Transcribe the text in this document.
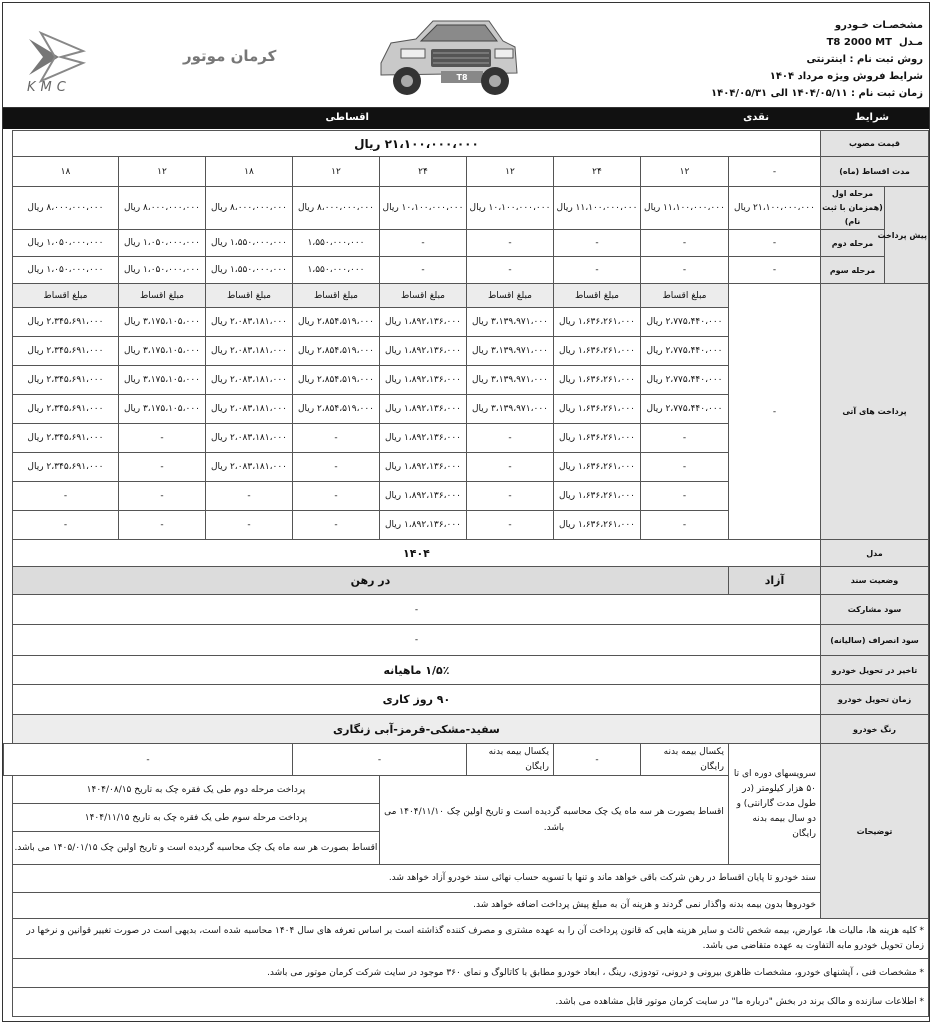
KMC
کرمان موتور
T8
مشخصـات خـودرو
مـدل  T8 2000 MT
روش ثبت نام : اینترنتی
شرایط فروش ویژه مرداد ۱۴۰۴
زمان ثبت نام : ۱۴۰۴/۰۵/۱۱ الی ۱۴۰۴/۰۵/۳۱
شرایط
نقدی
اقساطی
قیمت مصوب		۲۱،۱۰۰،۰۰۰،۰۰۰ ریال								
مدت اقساط (ماه)		-	۱۲	۲۴	۱۲	۲۴	۱۲	۱۸	۱۲	۱۸
پیش پرداخت	مرحله اول
(همزمان با ثبت نام)	۲۱،۱۰۰،۰۰۰،۰۰۰ ریال	۱۱،۱۰۰،۰۰۰،۰۰۰ ریال	۱۱،۱۰۰،۰۰۰،۰۰۰ ریال	۱۰،۱۰۰،۰۰۰،۰۰۰ ریال	۱۰،۱۰۰،۰۰۰،۰۰۰ ریال	۸،۰۰۰،۰۰۰،۰۰۰ ریال	۸،۰۰۰،۰۰۰،۰۰۰ ریال	۸،۰۰۰،۰۰۰،۰۰۰ ریال	۸،۰۰۰،۰۰۰،۰۰۰ ریال
	مرحله دوم	-	-	-	-	-	۱،۵۵۰،۰۰۰،۰۰۰	۱،۵۵۰،۰۰۰،۰۰۰ ریال	۱،۰۵۰،۰۰۰،۰۰۰ ریال	۱،۰۵۰،۰۰۰،۰۰۰ ریال
	مرحله سوم	-	-	-	-	-	۱،۵۵۰،۰۰۰،۰۰۰	۱،۵۵۰،۰۰۰،۰۰۰ ریال	۱،۰۵۰،۰۰۰،۰۰۰ ریال	۱،۰۵۰،۰۰۰،۰۰۰ ریال
پرداخت های آتی		-	مبلغ اقساط	مبلغ اقساط	مبلغ اقساط	مبلغ اقساط	مبلغ اقساط	مبلغ اقساط	مبلغ اقساط	مبلغ اقساط
			۲،۷۷۵،۴۴۰،۰۰۰ ریال	۱،۶۳۶،۲۶۱،۰۰۰ ریال	۳،۱۳۹،۹۷۱،۰۰۰ ریال	۱،۸۹۲،۱۳۶،۰۰۰ ریال	۲،۸۵۴،۵۱۹،۰۰۰ ریال	۲،۰۸۳،۱۸۱،۰۰۰ ریال	۳،۱۷۵،۱۰۵،۰۰۰ ریال	۲،۳۴۵،۶۹۱،۰۰۰ ریال
			۲،۷۷۵،۴۴۰،۰۰۰ ریال	۱،۶۳۶،۲۶۱،۰۰۰ ریال	۳،۱۳۹،۹۷۱،۰۰۰ ریال	۱،۸۹۲،۱۳۶،۰۰۰ ریال	۲،۸۵۴،۵۱۹،۰۰۰ ریال	۲،۰۸۳،۱۸۱،۰۰۰ ریال	۳،۱۷۵،۱۰۵،۰۰۰ ریال	۲،۳۴۵،۶۹۱،۰۰۰ ریال
			۲،۷۷۵،۴۴۰،۰۰۰ ریال	۱،۶۳۶،۲۶۱،۰۰۰ ریال	۳،۱۳۹،۹۷۱،۰۰۰ ریال	۱،۸۹۲،۱۳۶،۰۰۰ ریال	۲،۸۵۴،۵۱۹،۰۰۰ ریال	۲،۰۸۳،۱۸۱،۰۰۰ ریال	۳،۱۷۵،۱۰۵،۰۰۰ ریال	۲،۳۴۵،۶۹۱،۰۰۰ ریال
			۲،۷۷۵،۴۴۰،۰۰۰ ریال	۱،۶۳۶،۲۶۱،۰۰۰ ریال	۳،۱۳۹،۹۷۱،۰۰۰ ریال	۱،۸۹۲،۱۳۶،۰۰۰ ریال	۲،۸۵۴،۵۱۹،۰۰۰ ریال	۲،۰۸۳،۱۸۱،۰۰۰ ریال	۳،۱۷۵،۱۰۵،۰۰۰ ریال	۲،۳۴۵،۶۹۱،۰۰۰ ریال
			-	۱،۶۳۶،۲۶۱،۰۰۰ ریال	-	۱،۸۹۲،۱۳۶،۰۰۰ ریال	-	۲،۰۸۳،۱۸۱،۰۰۰ ریال	-	۲،۳۴۵،۶۹۱،۰۰۰ ریال
			-	۱،۶۳۶،۲۶۱،۰۰۰ ریال	-	۱،۸۹۲،۱۳۶،۰۰۰ ریال	-	۲،۰۸۳،۱۸۱،۰۰۰ ریال	-	۲،۳۴۵،۶۹۱،۰۰۰ ریال
			-	۱،۶۳۶،۲۶۱،۰۰۰ ریال	-	۱،۸۹۲،۱۳۶،۰۰۰ ریال	-	-	-	-
			-	۱،۶۳۶،۲۶۱،۰۰۰ ریال	-	۱،۸۹۲،۱۳۶،۰۰۰ ریال	-	-	-	-
مدل		۱۴۰۴								
وضعیت سند		آزاد	در رهن							
سود مشارکت		-								
سود انصراف (سالیانه)		-								
تاخیر در تحویل خودرو		۱/۵٪ ماهیانه								
زمان تحویل خودرو		۹۰ روز کاری								
رنگ خودرو		سفید-مشکی-قرمز-آبی زنگاری								
توضیحات		سرویسهای دوره ای تا ۵۰ هزار کیلومتر (در طول مدت گارانتی) و دو سال بیمه بدنه رایگان	یکسال بیمه بدنه رایگان	-	یکسال بیمه بدنه رایگان	-		-		
			اقساط بصورت هر سه ماه یک چک محاسبه گردیده است و تاریخ اولین چک ۱۴۰۴/۱۱/۱۰ می باشد.				پرداخت مرحله دوم طی یک فقره چک به تاریخ ۱۴۰۴/۰۸/۱۵			
							پرداخت مرحله سوم طی یک فقره چک به تاریخ ۱۴۰۴/۱۱/۱۵			
							اقساط بصورت هر سه ماه یک چک محاسبه گردیده است و تاریخ اولین چک ۱۴۰۵/۰۱/۱۵ می باشد.			
		سند خودرو تا پایان اقساط در رهن شرکت باقی خواهد ماند و تنها با تسویه حساب نهائی سند خودرو آزاد خواهد شد.								
		خودروها بدون بیمه بدنه واگذار نمی گردند و هزینه آن به مبلغ پیش پرداخت اضافه خواهد شد.								
* کلیه هزینه ها، مالیات ها، عوارض، بیمه شخص ثالث و سایر هزینه هایی که قانون پرداخت آن را به عهده مشتری و مصرف کننده گذاشته است بر اساس تعرفه های سال ۱۴۰۴ محاسبه شده است، بدیهی است در صورت تغییر قوانین و نرخها در زمان تحویل خودرو مابه التفاوت به عهده متقاضی می باشد.										
* مشخصات فنی ، آپشنهای خودرو، مشخصات ظاهری بیرونی و درونی، تودوزی، رینگ ، ابعاد خودرو مطابق با کاتالوگ و نمای ۳۶۰ موجود در سایت شرکت کرمان موتور می باشد.										
* اطلاعات سازنده و مالک برند در بخش "درباره ما" در سایت کرمان موتور قابل مشاهده می باشد.										
